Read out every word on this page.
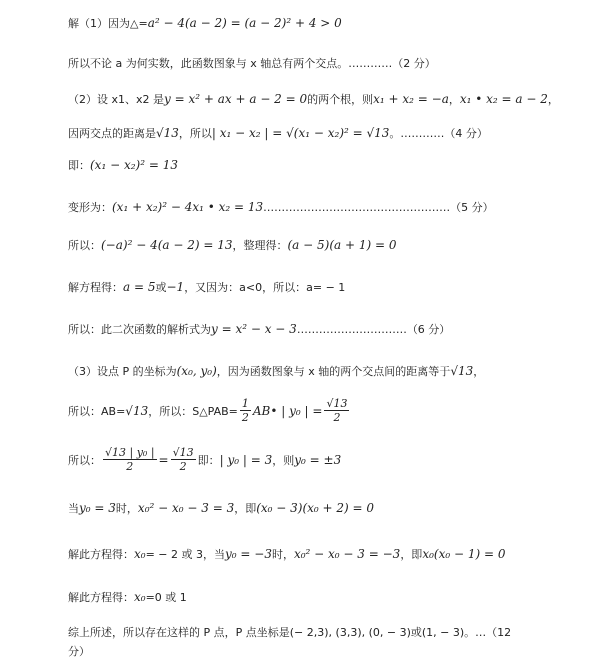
解（1）因为△=a² − 4(a − 2) = (a − 2)² + 4 > 0
所以不论 a 为何实数，此函数图象与 x 轴总有两个交点。…………（2 分）
（2）设 x1、x2 是y = x² + ax + a − 2 = 0的两个根，则x₁ + x₂ = −a，x₁ • x₂ = a − 2，
因两交点的距离是√13，所以| x₁ − x₂ | = √(x₁ − x₂)² = √13。…………（4 分）
即：(x₁ − x₂)² = 13
变形为：(x₁ + x₂)² − 4x₁ • x₂ = 13……………………………………………（5 分）
所以：(−a)² − 4(a − 2) = 13，整理得：(a − 5)(a + 1) = 0
解方程得：a = 5或−1，又因为：a<0，所以：a= − 1
所以：此二次函数的解析式为y = x² − x − 3…………………………（6 分）
（3）设点 P 的坐标为(x₀, y₀)，因为函数图象与 x 轴的两个交点间的距离等于√13，
所以：AB=√13，所以：S△PAB= $\frac{1}{2}$ AB• | y₀ | = $\frac{√13}{2}$
所以： $\frac{\text{√13 | y₀ |}}{2} = \frac{√13}{2}$ 即：| y₀ | = 3，则y₀ = ±3
当y₀ = 3时，x₀² − x₀ − 3 = 3，即(x₀ − 3)(x₀ + 2) = 0
解此方程得：x₀= − 2 或 3，当y₀ = −3时，x₀² − x₀ − 3 = −3，即x₀(x₀ − 1) = 0
解此方程得：x₀=0 或 1
综上所述，所以存在这样的 P 点，P 点坐标是(− 2,3), (3,3), (0, − 3)或(1, − 3)。…（12
分）
